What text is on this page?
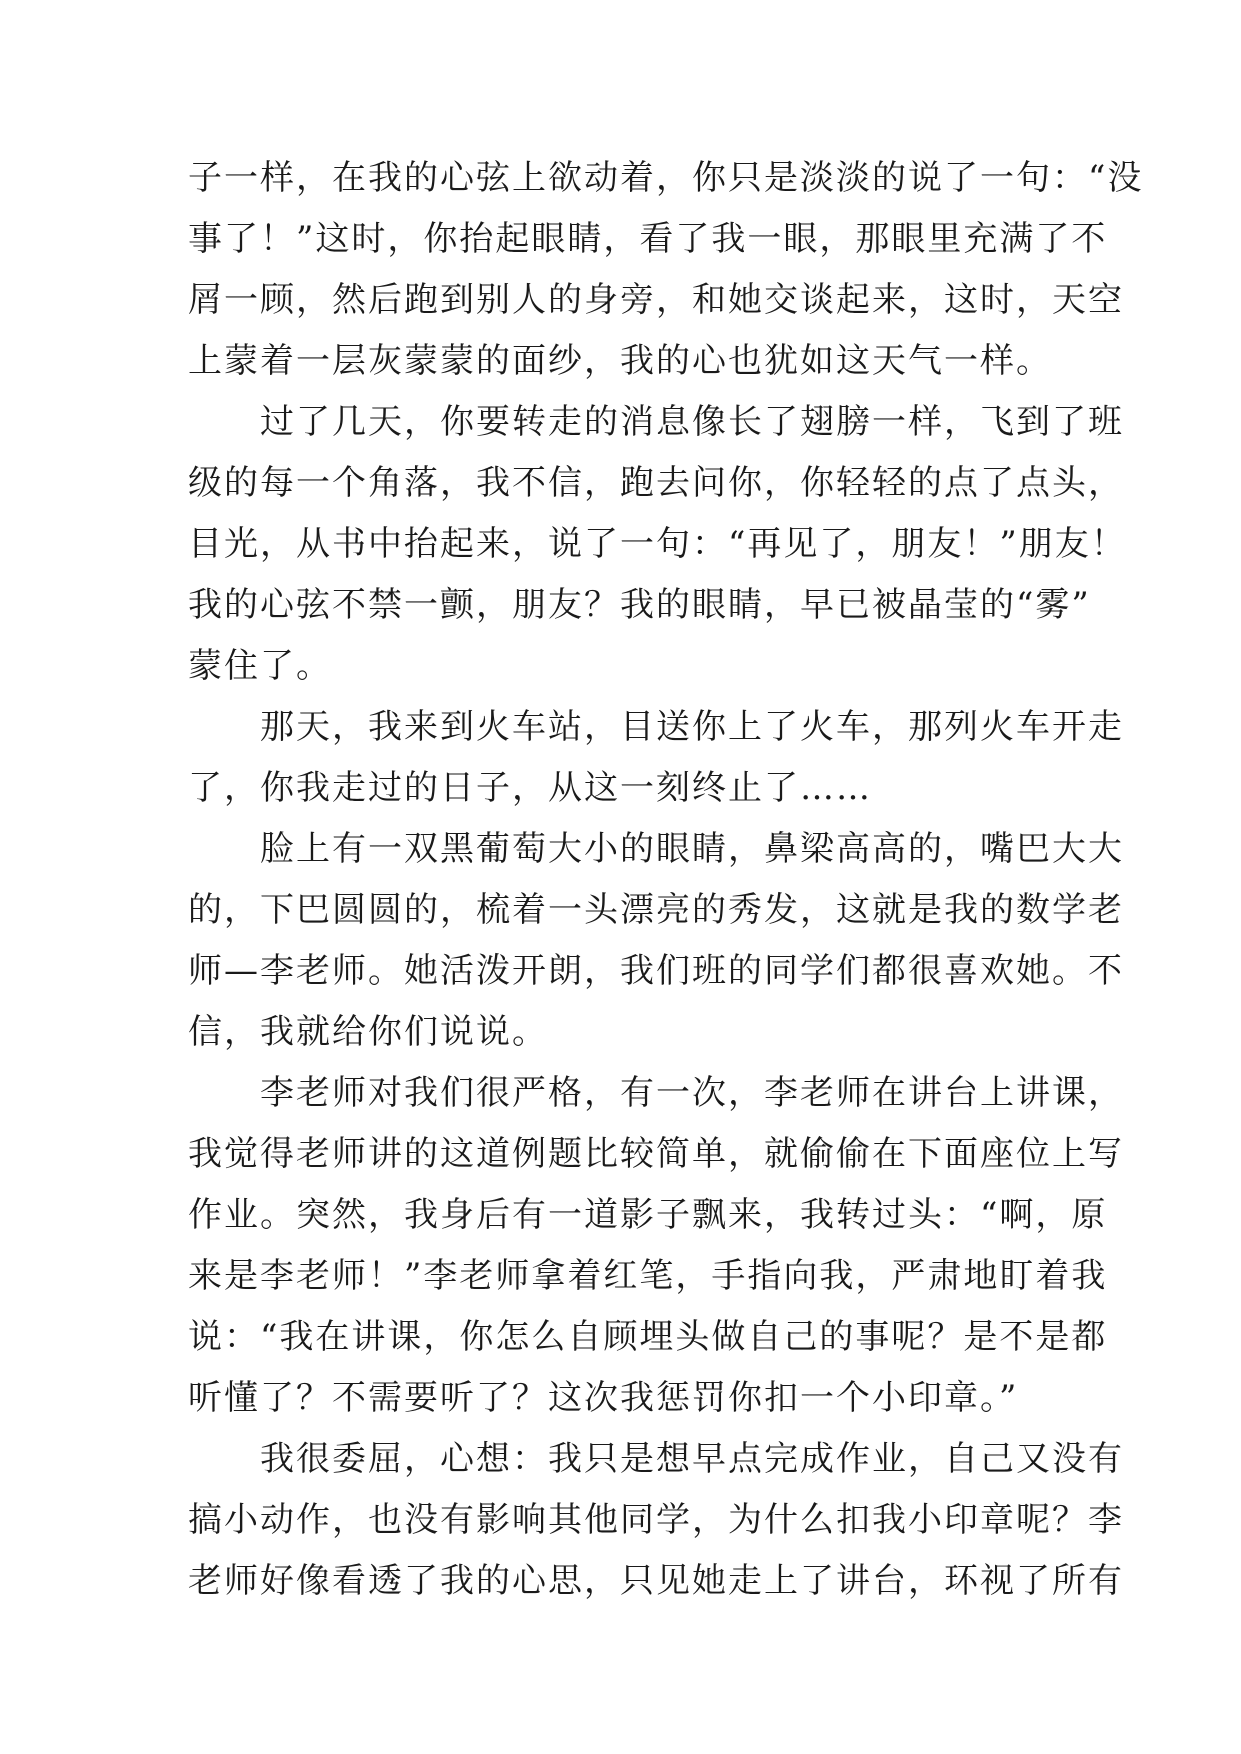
子一样，在我的心弦上欲动着，你只是淡淡的说了一句：“没
事了！”这时，你抬起眼睛，看了我一眼，那眼里充满了不
屑一顾，然后跑到别人的身旁，和她交谈起来，这时，天空
上蒙着一层灰蒙蒙的面纱，我的心也犹如这天气一样。
　　过了几天，你要转走的消息像长了翅膀一样，飞到了班
级的每一个角落，我不信，跑去问你，你轻轻的点了点头，
目光，从书中抬起来，说了一句：“再见了，朋友！”朋友！
我的心弦不禁一颤，朋友？我的眼睛，早已被晶莹的“雾”
蒙住了。
　　那天，我来到火车站，目送你上了火车，那列火车开走
了，你我走过的日子，从这一刻终止了……
　　脸上有一双黑葡萄大小的眼睛，鼻梁高高的，嘴巴大大
的，下巴圆圆的，梳着一头漂亮的秀发，这就是我的数学老
师—李老师。她活泼开朗，我们班的同学们都很喜欢她。不
信，我就给你们说说。
　　李老师对我们很严格，有一次，李老师在讲台上讲课，
我觉得老师讲的这道例题比较简单，就偷偷在下面座位上写
作业。突然，我身后有一道影子飘来，我转过头：“啊，原
来是李老师！”李老师拿着红笔，手指向我，严肃地盯着我
说：“我在讲课，你怎么自顾埋头做自己的事呢？是不是都
听懂了？不需要听了？这次我惩罚你扣一个小印章。”
　　我很委屈，心想：我只是想早点完成作业，自己又没有
搞小动作，也没有影响其他同学，为什么扣我小印章呢？李
老师好像看透了我的心思，只见她走上了讲台，环视了所有
